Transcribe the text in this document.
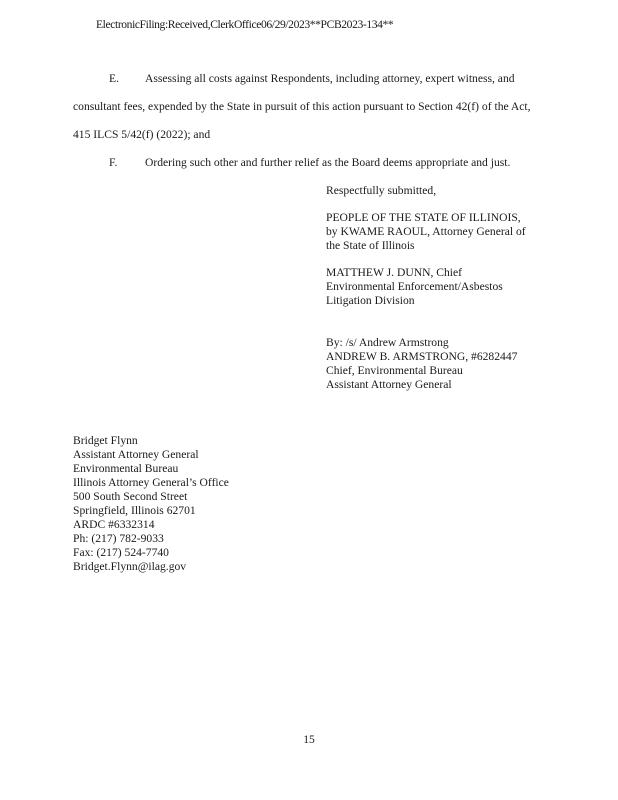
ElectronicFiling:Received,ClerkOffice06/29/2023**PCB2023-134**
E. Assessing all costs against Respondents, including attorney, expert witness, and
consultant fees, expended by the State in pursuit of this action pursuant to Section 42(f) of the Act,
415 ILCS 5/42(f) (2022); and
F. Ordering such other and further relief as the Board deems appropriate and just.
Respectfully submitted,
PEOPLE OF THE STATE OF ILLINOIS,
by KWAME RAOUL, Attorney General of
the State of Illinois
MATTHEW J. DUNN, Chief
Environmental Enforcement/Asbestos
Litigation Division
By: /s/ Andrew Armstrong
ANDREW B. ARMSTRONG, #6282447
Chief, Environmental Bureau
Assistant Attorney General
Bridget Flynn
Assistant Attorney General
Environmental Bureau
Illinois Attorney General’s Office
500 South Second Street
Springfield, Illinois 62701
ARDC #6332314
Ph: (217) 782-9033
Fax: (217) 524-7740
Bridget.Flynn@ilag.gov
15
